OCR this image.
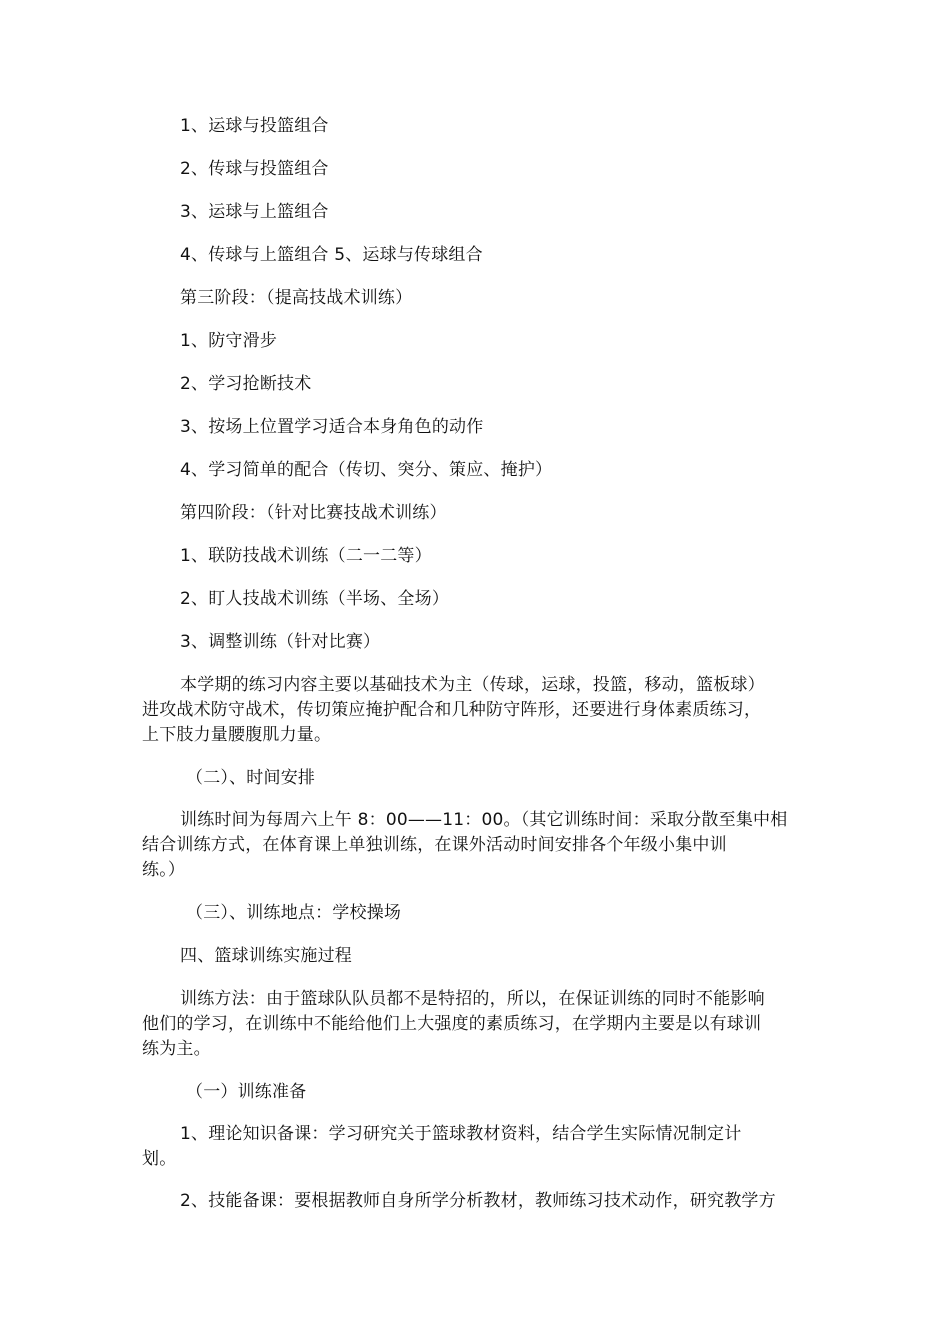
1、运球与投篮组合
2、传球与投篮组合
3、运球与上篮组合
4、传球与上篮组合 5、运球与传球组合
第三阶段：（提高技战术训练）
1、防守滑步
2、学习抢断技术
3、按场上位置学习适合本身角色的动作
4、学习简单的配合（传切、突分、策应、掩护）
第四阶段：（针对比赛技战术训练）
1、联防技战术训练（二一二等）
2、盯人技战术训练（半场、全场）
3、调整训练（针对比赛）
本学期的练习内容主要以基础技术为主（传球，运球，投篮，移动，篮板球）
进攻战术防守战术，传切策应掩护配合和几种防守阵形，还要进行身体素质练习，
上下肢力量腰腹肌力量。
（二）、时间安排
训练时间为每周六上午 8：00——11：00。（其它训练时间：采取分散至集中相
结合训练方式，在体育课上单独训练，在课外活动时间安排各个年级小集中训
练。）
（三）、训练地点：学校操场
四、篮球训练实施过程
训练方法：由于篮球队队员都不是特招的，所以，在保证训练的同时不能影响
他们的学习，在训练中不能给他们上大强度的素质练习，在学期内主要是以有球训
练为主。
（一）训练准备
1、理论知识备课：学习研究关于篮球教材资料，结合学生实际情况制定计
划。
2、技能备课：要根据教师自身所学分析教材，教师练习技术动作，研究教学方
